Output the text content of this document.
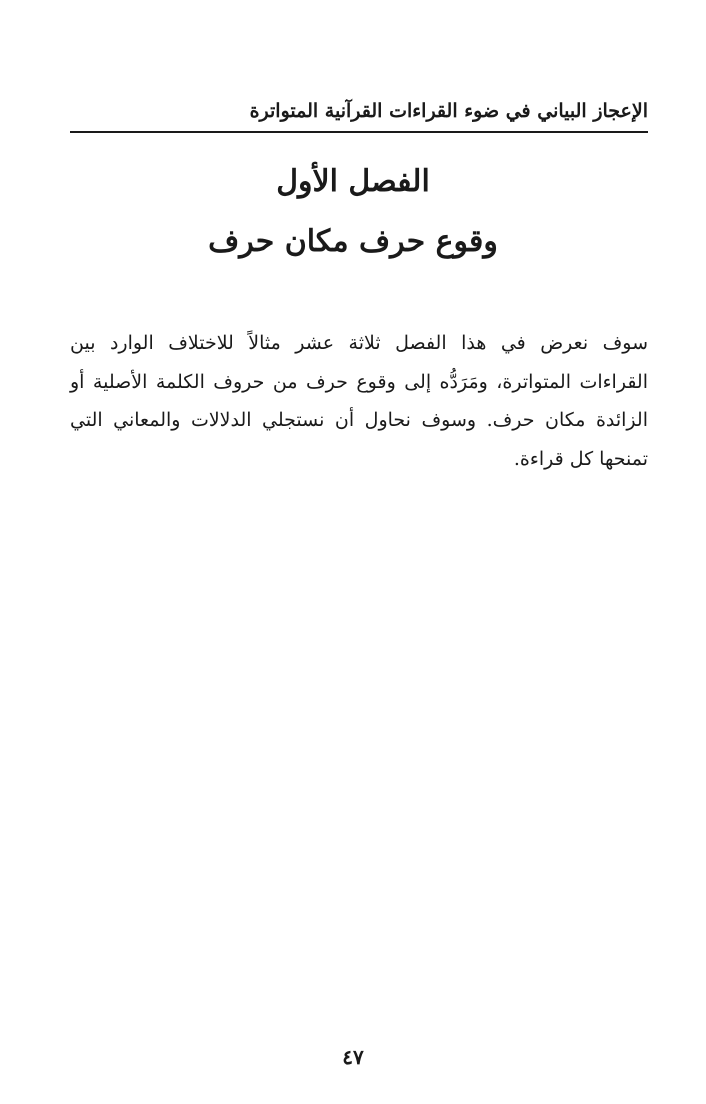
الإعجاز البياني في ضوء القراءات القرآنية المتواترة
الفصل الأول
وقوع حرف مكان حرف
سوف نعرض في هذا الفصل ثلاثة عشر مثالاً للاختلاف الوارد بين
القراءات المتواترة، ومَرَدُّه إلى وقوع حرف من حروف الكلمة الأصلية أو
الزائدة مكان حرف. وسوف نحاول أن نستجلي الدلالات والمعاني التي
تمنحها كل قراءة.
٤٧
